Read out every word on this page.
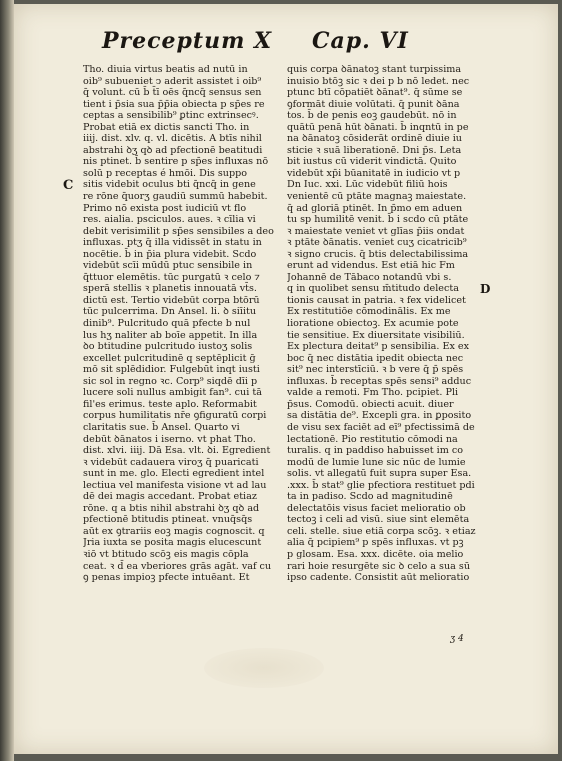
Preceptum X Cap. VI
C
D
Tho. diuia virtus beatis ad nutū in
oib⁹ subueniet ↄ aderit assistet i oib⁹
q̄ volunt. cū b̄ t̄ī oēs q̄ncq̄ sensus sen
tient i p̄sia sua p̄p̄ia obiecta p sp̄es re
ceptas a sensibilib⁹ ꝑtinc extrinsecꝰ.
Probat etiā ex dictis sancti Tho. in
iiij. dist. xlv. q. vl. dicētis. A btīs nihil
abstrahi ꝺʒ qꝺ ad pfectionē beatitudi
nis ptinet. b̄ sentire p sp̄es influxas nō
solū p receptas é hmōi. Dis suppo
sitis videbit oculus bti q̄ncq̄ in gene
re rōne q̄uorʒ gaudiū summū habebit.
Primo nō exista post iudiciū vt flo
res. aialia. psciculos. aues. ꝛ cīlia vi
debit verisimilit p sp̄es sensibiles a deo
influxas. ptʒ q̄ illa vidissēt in statu in
nocētie. b̄ in p̄ia plura videbit. Scdo
videbūt scīi mūdū ptuc sensibile in
q̄ttuor elemētis. tūc purgatū ꝛ celo ⁊
sperā stellis ꝛ planetis innouatā vt̄s.
dictū est. Tertio videbūt corpa btōrū
tūc pulcerrima. Dn Ansel. li. ꝺ siīitu
dinib⁹. Pulcritudo quā pfecte b nul
lus hʒ naliter ab boīe appetit. In illa
ꝺo btitudine pulcritudo iustoʒ solis
excellet pulcritudinē q septēplicit ḡ
mō sit splēdidior. Fulgebūt inqt iusti
sic sol in regno ꝛc. Corp⁹ siqdē dīi p
lucere soli nullus ambigit fan⁹. cui tā
fil'es erimus. teste aplo. Reformabit
corpus humilitatis nr̄e ꝯfiguratū corpi
claritatis sue. b̄ Ansel. Quarto vi
debūt ꝺānatos i iserno. vt phat Tho.
dist. xlvi. iiij. Dā Esa. vlt. ꝺi. Egredient
ꝛ videbūt cadauera viroʒ q̄ puaricati
sunt in me. glo. Electi egredient intel
lectiua vel manifesta visione vt ad lau
dē dei magis accedant. Probat etiaz
rōne. q a btis nihil abstrahi ꝺʒ qꝺ ad
pfectionē btitudis ptineat. vnuq̄sq̄s
aūt ex ꝯtrariis eoꝫ magis cognoscit. q
Jria iuxta se posita magis elucescunt
ꝛiō vt btitudo scōꝫ eis magis cōpla
ceat. ꝛ d̄ ea vberiores grās agāt. vaf cu
ꝯ penas impioꝫ pfecte intuēant. Et
quis corpa ꝺānatoꝫ stant turpissima
inuisio btōꝫ sic ꝛ dei p b nō ledet. nec
ptunc btī cōpatiēt ꝺānat⁹. q̄ sūme se
ꝯformāt diuie volūtati. q̄ punit ꝺāna
tos. b̄ de penis eoꝫ gaudebūt. nō in
quātū penā hūt ꝺānati. b̄ inqntū in pe
na ꝺānatoꝫ cōsiderāt ordinē diuie iu
sticie ꝛ suā liberationē. Dni p̄s. Leta
bit iustus cū viderit vindictā. Quito
videbūt xp̄i būanitatē in iudicio vt p
Dn Iuc. xxi. Lūc videbūt filiū hois
venientē cū ptāte magnaꝫ maiestate.
q̄ ad gloriā ptinēt. In p̄mo em aduen
tu sp humilitē venit. b̄ i scdo cū ptāte
ꝛ maiestate veniet vt glīas p̄iis ondat
ꝛ ptāte ꝺānatis. veniet cuʒ cicatricib⁹
ꝛ signo crucis. q̄ btis delectabilissima
erunt ad videndus. Est etiā hic Fm
Johannē de Tābaco notandū vbi s.
q in quolibet sensu m̄titudo delecta
tionis causat in patria. ꝛ fex videlicet
Ex restitutiōe cōmodinālis. Ex me
lioratione obiectoꝫ. Ex acumie pote
tie sensitiue. Ex diuersitate visibiliū.
Ex plectura deitat⁹ p sensibilia. Ex ex
boc q̄ nec distātia ipedit obiecta nec
sit⁹ nec interstīciū. ꝛ b vere q̄ p̄ spēs
influxas. b̄ receptas spēs sensi⁹ adduc
valde a remoti. Fm Tho. pcipiet. Pli
p̄sus. Comodū. obiecti acuit. diuer
sa distātia de⁹. Excepli gra. in ꝑposito
de visu sex faciēt ad eī⁹ pfectissimā de
lectationē. Pio restitutio cōmodi na
turalis. q in paddiso habuisset im co
modū de lumie lune sic nūc de lumie
solis. vt allegatū fuit supra super Esa.
.xxx. b̄ stat⁹ glie pfectiora restituet pdi
ta in padiso. Scdo ad magnitudinē
delectatōis visus faciet melioratio ob
tectoꝫ i celi ad visū. siue sint elemēta
celi. stelle. siue etiā corpa scōꝫ. ꝛ etiaz
alia q̄ pcipiem⁹ p spēs influxas. vt pꝫ
p glosam. Esa. xxx. dicēte. oia melio
rari hoie resurgēte sic ꝺ celo a sua sū
ipso cadente. Consistit aūt melioratio
ʒ 4
